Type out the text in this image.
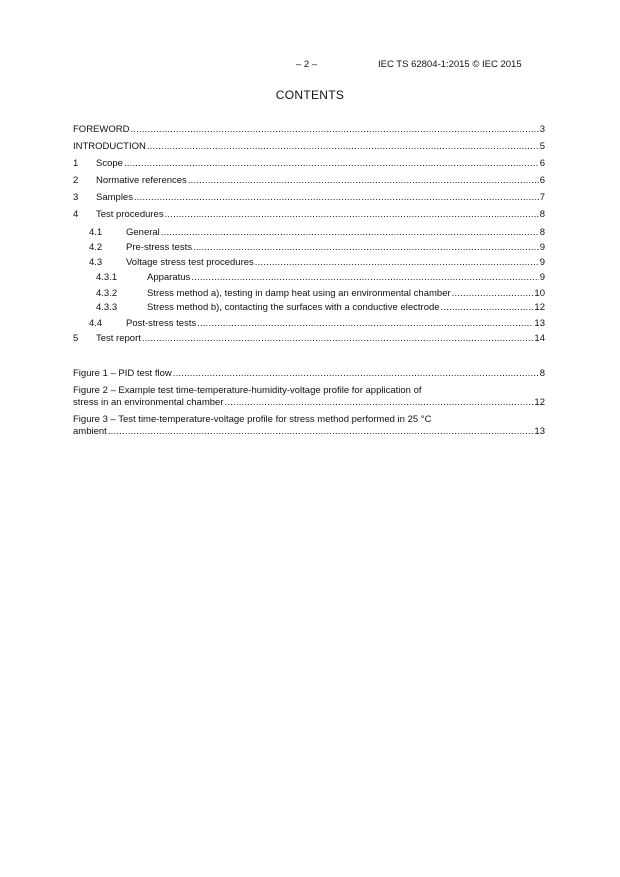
– 2 –	IEC TS 62804-1:2015 © IEC 2015
CONTENTS
FOREWORD .....	3
INTRODUCTION .....	5
1	Scope .....	6
2	Normative references .....	6
3	Samples .....	7
4	Test procedures .....	8
4.1	General .....	8
4.2	Pre-stress tests .....	9
4.3	Voltage stress test procedures .....	9
4.3.1	Apparatus .....	9
4.3.2	Stress method a), testing in damp heat using an environmental chamber .....	10
4.3.3	Stress method b), contacting the surfaces with a conductive electrode .....	12
4.4	Post-stress tests .....	13
5	Test report .....	14
Figure 1 – PID test flow .....	8
Figure 2 – Example test time-temperature-humidity-voltage profile for application of
stress in an environmental chamber .....	12
Figure 3 – Test time-temperature-voltage profile for stress method performed in 25 °C
ambient .....	13
